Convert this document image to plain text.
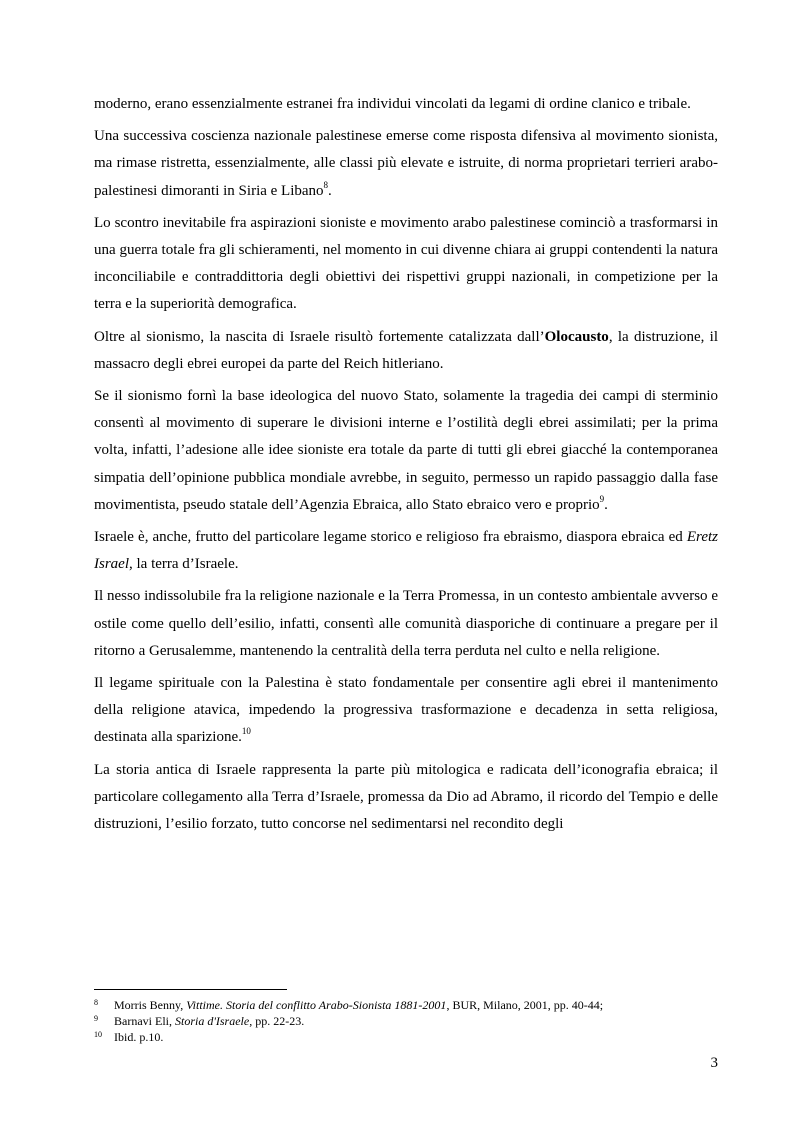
moderno, erano essenzialmente estranei fra individui vincolati da legami di ordine clanico e tribale.

Una successiva coscienza nazionale palestinese emerse come risposta difensiva al movimento sionista, ma rimase ristretta, essenzialmente, alle classi più elevate e istruite, di norma proprietari terrieri arabo-palestinesi dimoranti in Siria e Libano$^8$.

Lo scontro inevitabile fra aspirazioni sioniste e movimento arabo palestinese cominciò a trasformarsi in una guerra totale fra gli schieramenti, nel momento in cui divenne chiara ai gruppi contendenti la natura inconciliabile e contraddittoria degli obiettivi dei rispettivi gruppi nazionali, in competizione per la terra e la superiorità demografica.

Oltre al sionismo, la nascita di Israele risultò fortemente catalizzata dall’Olocausto, la distruzione, il massacro degli ebrei europei da parte del Reich hitleriano.

Se il sionismo fornì la base ideologica del nuovo Stato, solamente la tragedia dei campi di sterminio consentì al movimento di superare le divisioni interne e l’ostilità degli ebrei assimilati; per la prima volta, infatti, l’adesione alle idee sioniste era totale da parte di tutti gli ebrei giacché la contemporanea simpatia dell’opinione pubblica mondiale avrebbe, in seguito, permesso un rapido passaggio dalla fase movimentista, pseudo statale dell’Agenzia Ebraica, allo Stato ebraico vero e proprio$^9$.

Israele è, anche, frutto del particolare legame storico e religioso fra ebraismo, diaspora ebraica ed Eretz Israel, la terra d’Israele.

Il nesso indissolubile fra la religione nazionale e la Terra Promessa, in un contesto ambientale avverso e ostile come quello dell’esilio, infatti, consentì alle comunità diasporiche di continuare a pregare per il ritorno a Gerusalemme, mantenendo la centralità della terra perduta nel culto e nella religione.

Il legame spirituale con la Palestina è stato fondamentale per consentire agli ebrei il mantenimento della religione atavica, impedendo la progressiva trasformazione e decadenza in setta religiosa, destinata alla sparizione.$^{10}$

La storia antica di Israele rappresenta la parte più mitologica e radicata dell’iconografia ebraica; il particolare collegamento alla Terra d’Israele, promessa da Dio ad Abramo, il ricordo del Tempio e delle distruzioni, l’esilio forzato, tutto concorse nel sedimentarsi nel recondito degli

8	Morris Benny, Vittime. Storia del conflitto Arabo-Sionista 1881-2001, BUR, Milano, 2001, pp. 40-44;
9	Barnavi Eli, Storia d'Israele, pp. 22-23.
10	Ibid. p.10.
3
